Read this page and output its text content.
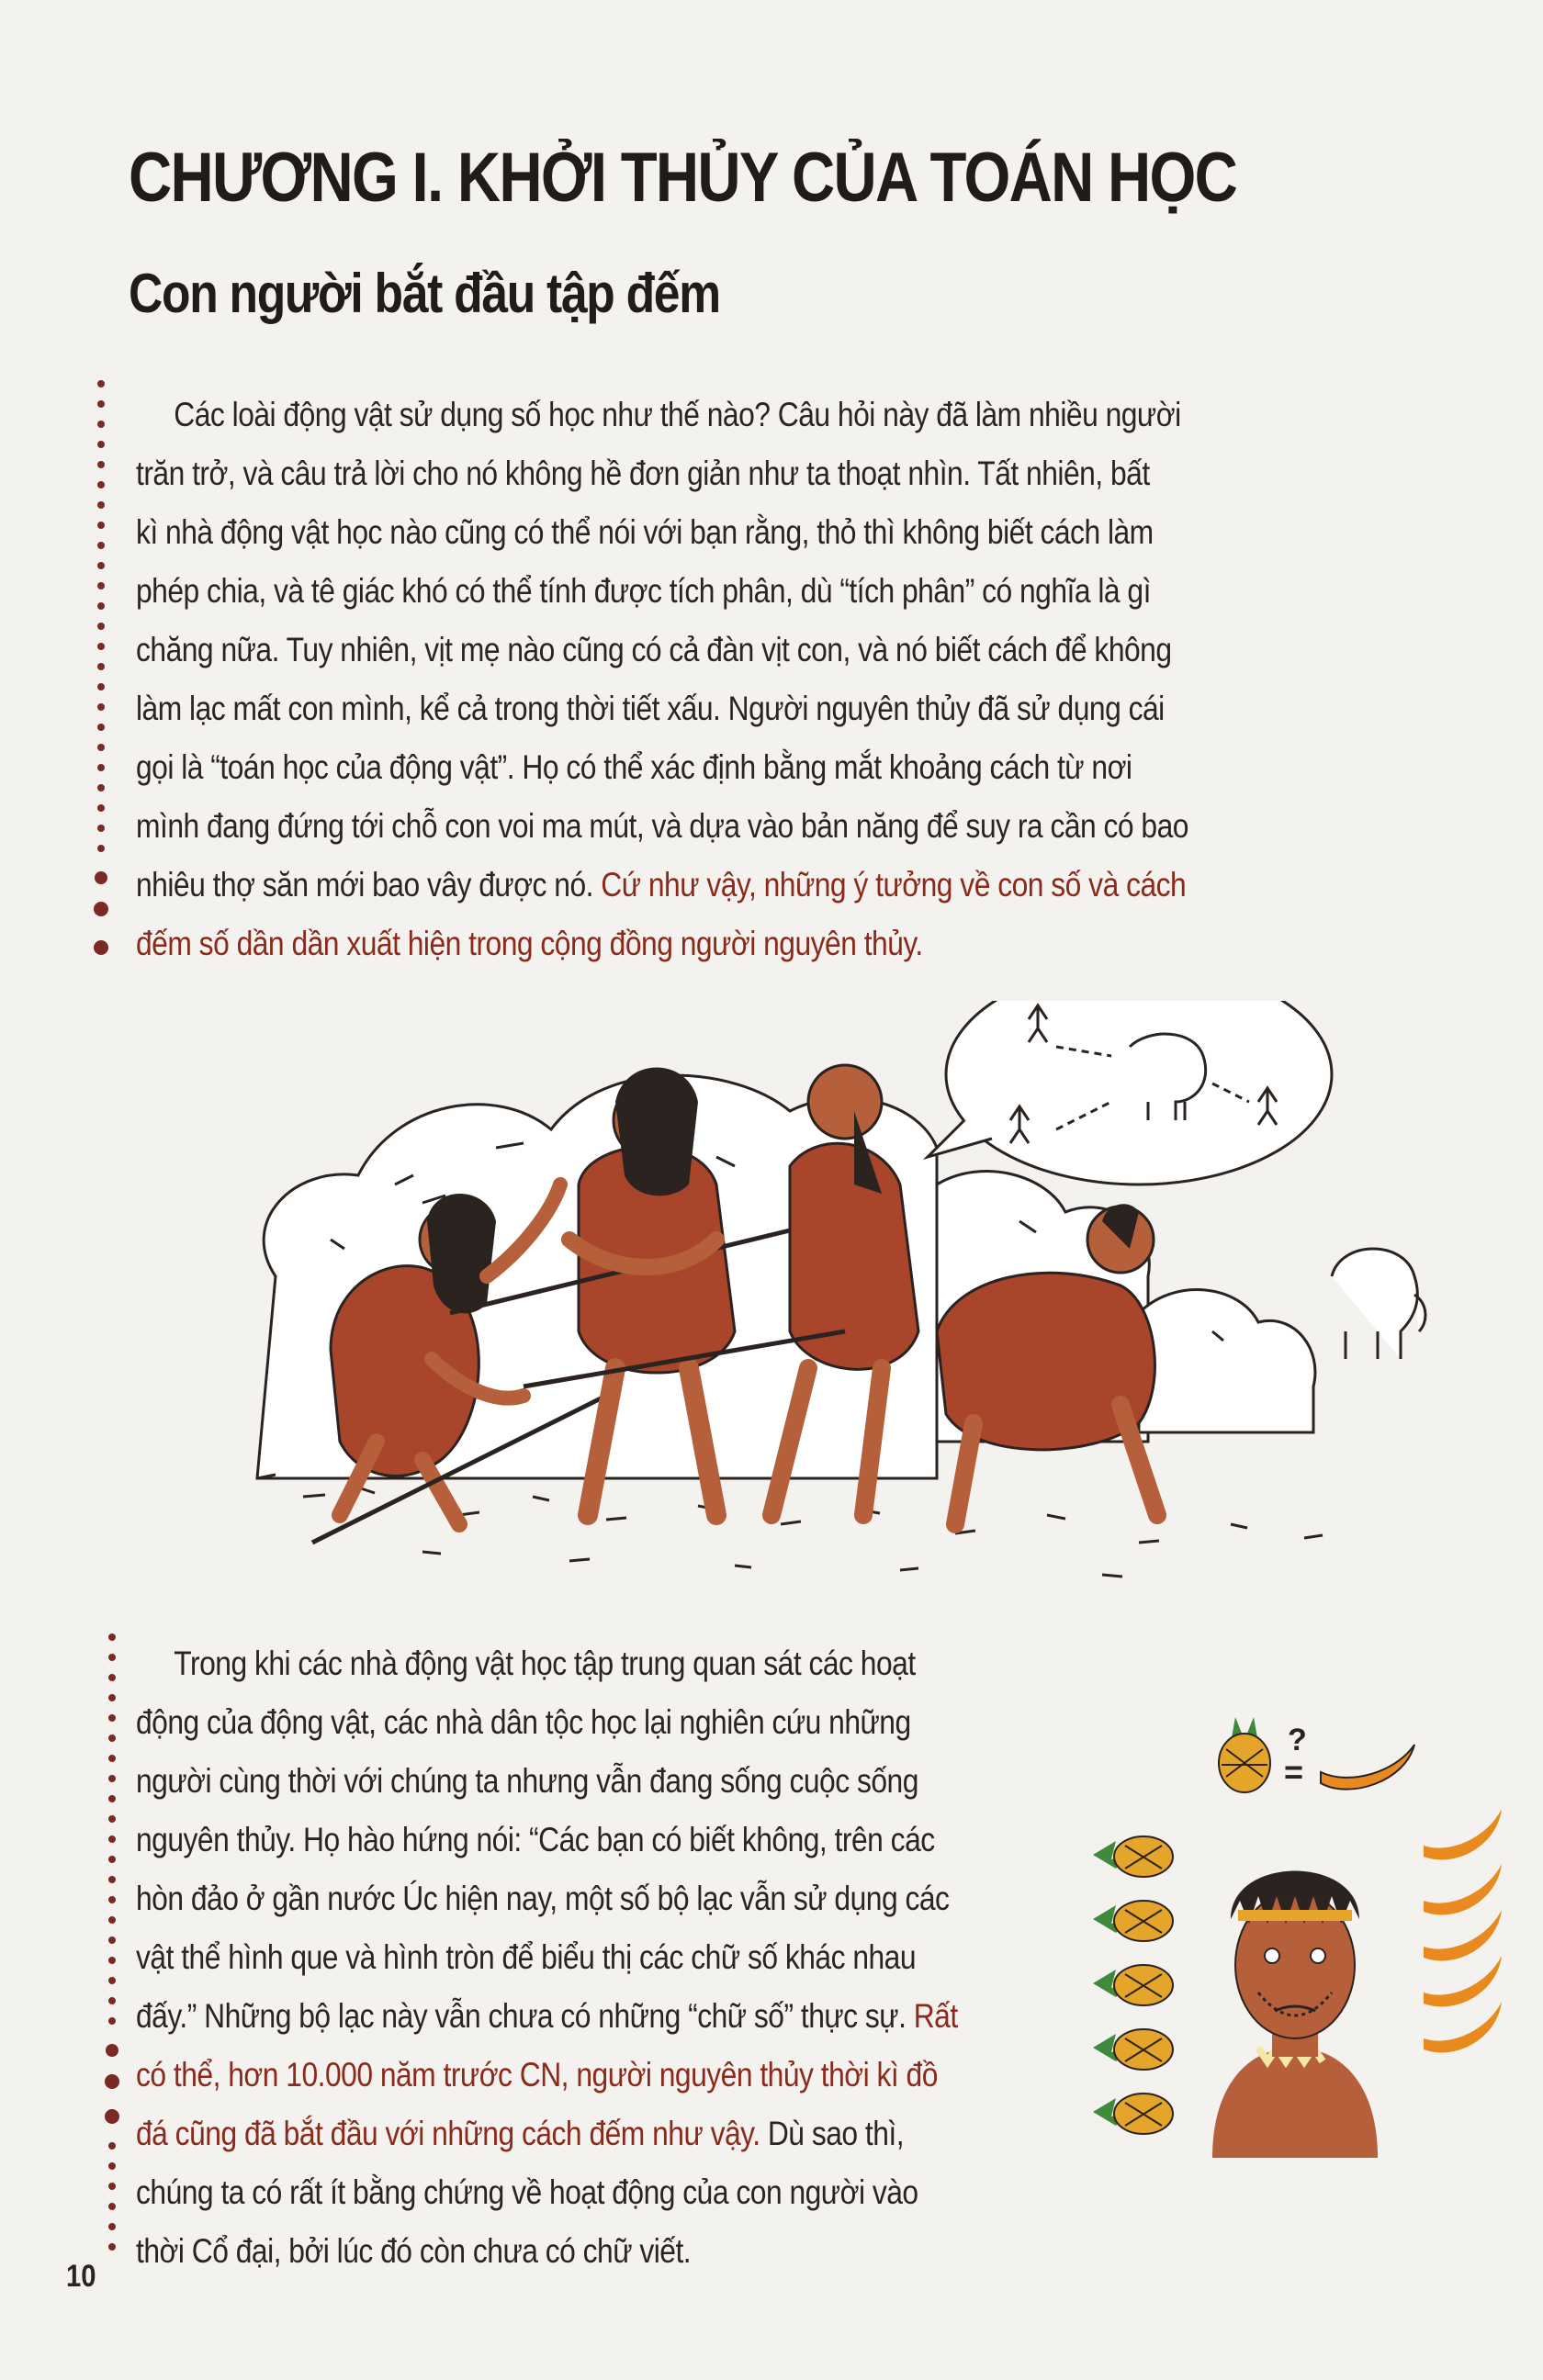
CHƯƠNG I. KHỞI THỦY CỦA TOÁN HỌC
Con người bắt đầu tập đếm
Các loài động vật sử dụng số học như thế nào? Câu hỏi này đã làm nhiều người
trăn trở, và câu trả lời cho nó không hề đơn giản như ta thoạt nhìn. Tất nhiên, bất
kì nhà động vật học nào cũng có thể nói với bạn rằng, thỏ thì không biết cách làm
phép chia, và tê giác khó có thể tính được tích phân, dù “tích phân” có nghĩa là gì
chăng nữa. Tuy nhiên, vịt mẹ nào cũng có cả đàn vịt con, và nó biết cách để không
làm lạc mất con mình, kể cả trong thời tiết xấu. Người nguyên thủy đã sử dụng cái
gọi là “toán học của động vật”. Họ có thể xác định bằng mắt khoảng cách từ nơi
mình đang đứng tới chỗ con voi ma mút, và dựa vào bản năng để suy ra cần có bao
nhiêu thợ săn mới bao vây được nó. Cứ như vậy, những ý tưởng về con số và cách
đếm số dần dần xuất hiện trong cộng đồng người nguyên thủy.
Trong khi các nhà động vật học tập trung quan sát các hoạt
động của động vật, các nhà dân tộc học lại nghiên cứu những
người cùng thời với chúng ta nhưng vẫn đang sống cuộc sống
nguyên thủy. Họ hào hứng nói: “Các bạn có biết không, trên các
hòn đảo ở gần nước Úc hiện nay, một số bộ lạc vẫn sử dụng các
vật thể hình que và hình tròn để biểu thị các chữ số khác nhau
đấy.” Những bộ lạc này vẫn chưa có những “chữ số” thực sự. Rất
có thể, hơn 10.000 năm trước CN, người nguyên thủy thời kì đồ
đá cũng đã bắt đầu với những cách đếm như vậy. Dù sao thì,
chúng ta có rất ít bằng chứng về hoạt động của con người vào
thời Cổ đại, bởi lúc đó còn chưa có chữ viết.
?
=
10
